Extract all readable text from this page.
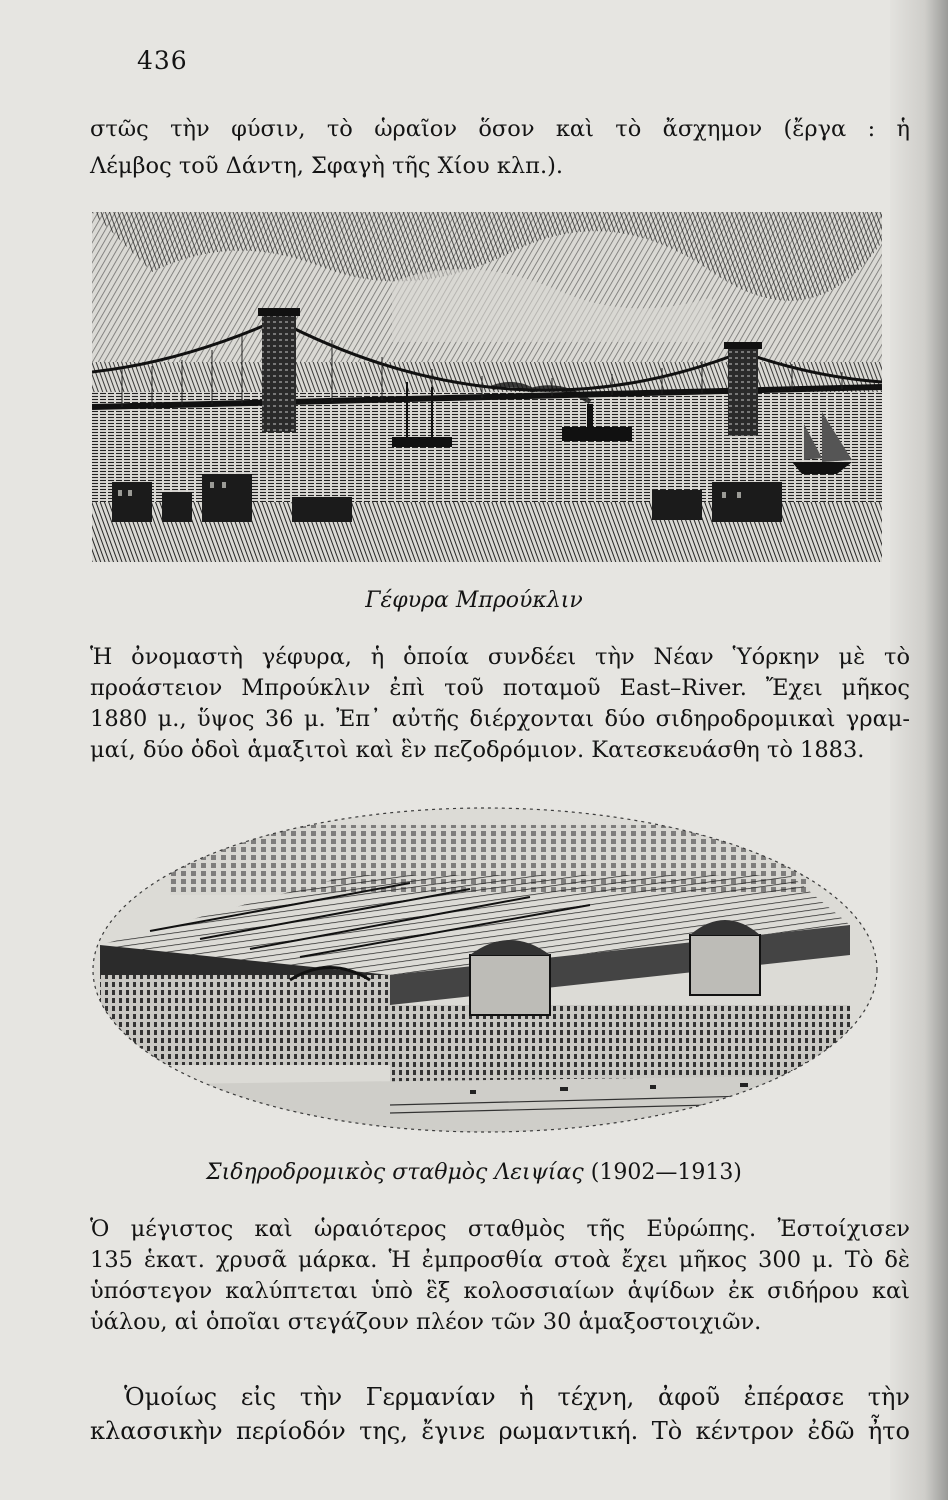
436

στῶς τὴν φύσιν, τὸ ὡραῖον ὅσον καὶ τὸ ἄσχημον (ἔργα : ἡ
Λέμβος τοῦ Δάντη, Σφαγὴ τῆς Χίου κλπ.).

Γέφυρα Μπρούκλιν

Ἡ ὀνομαστὴ γέφυρα, ἡ ὁποία συνδέει τὴν Νέαν Ὑόρκην μὲ τὸ
προάστειον Μπρούκλιν ἐπὶ τοῦ ποταμοῦ East–River. Ἔχει μῆκος
1880 μ., ὕψος 36 μ. Ἐπ᾽ αὐτῆς διέρχονται δύο σιδηροδρομικαὶ γραμ-
μαί, δύο ὁδοὶ ἁμαξιτοὶ καὶ ἓν πεζοδρόμιον. Κατεσκευάσθη τὸ 1883.

Σιδηροδρομικὸς σταθμὸς Λειψίας (1902—1913)

Ὁ μέγιστος καὶ ὡραιότερος σταθμὸς τῆς Εὐρώπης. Ἐστοίχισεν
135 ἑκατ. χρυσᾶ μάρκα. Ἡ ἐμπροσθία στοὰ ἔχει μῆκος 300 μ. Τὸ δὲ
ὑπόστεγον καλύπτεται ὑπὸ ἓξ κολοσσιαίων ἁψίδων ἐκ σιδήρου καὶ
ὑάλου, αἱ ὁποῖαι στεγάζουν πλέον τῶν 30 ἁμαξοστοιχιῶν.

Ὁμοίως εἰς τὴν Γερμανίαν ἡ τέχνη, ἀφοῦ ἐπέρασε τὴν
κλασσικὴν περίοδόν της, ἔγινε ρωμαντική. Τὸ κέντρον ἐδῶ ἦτο
